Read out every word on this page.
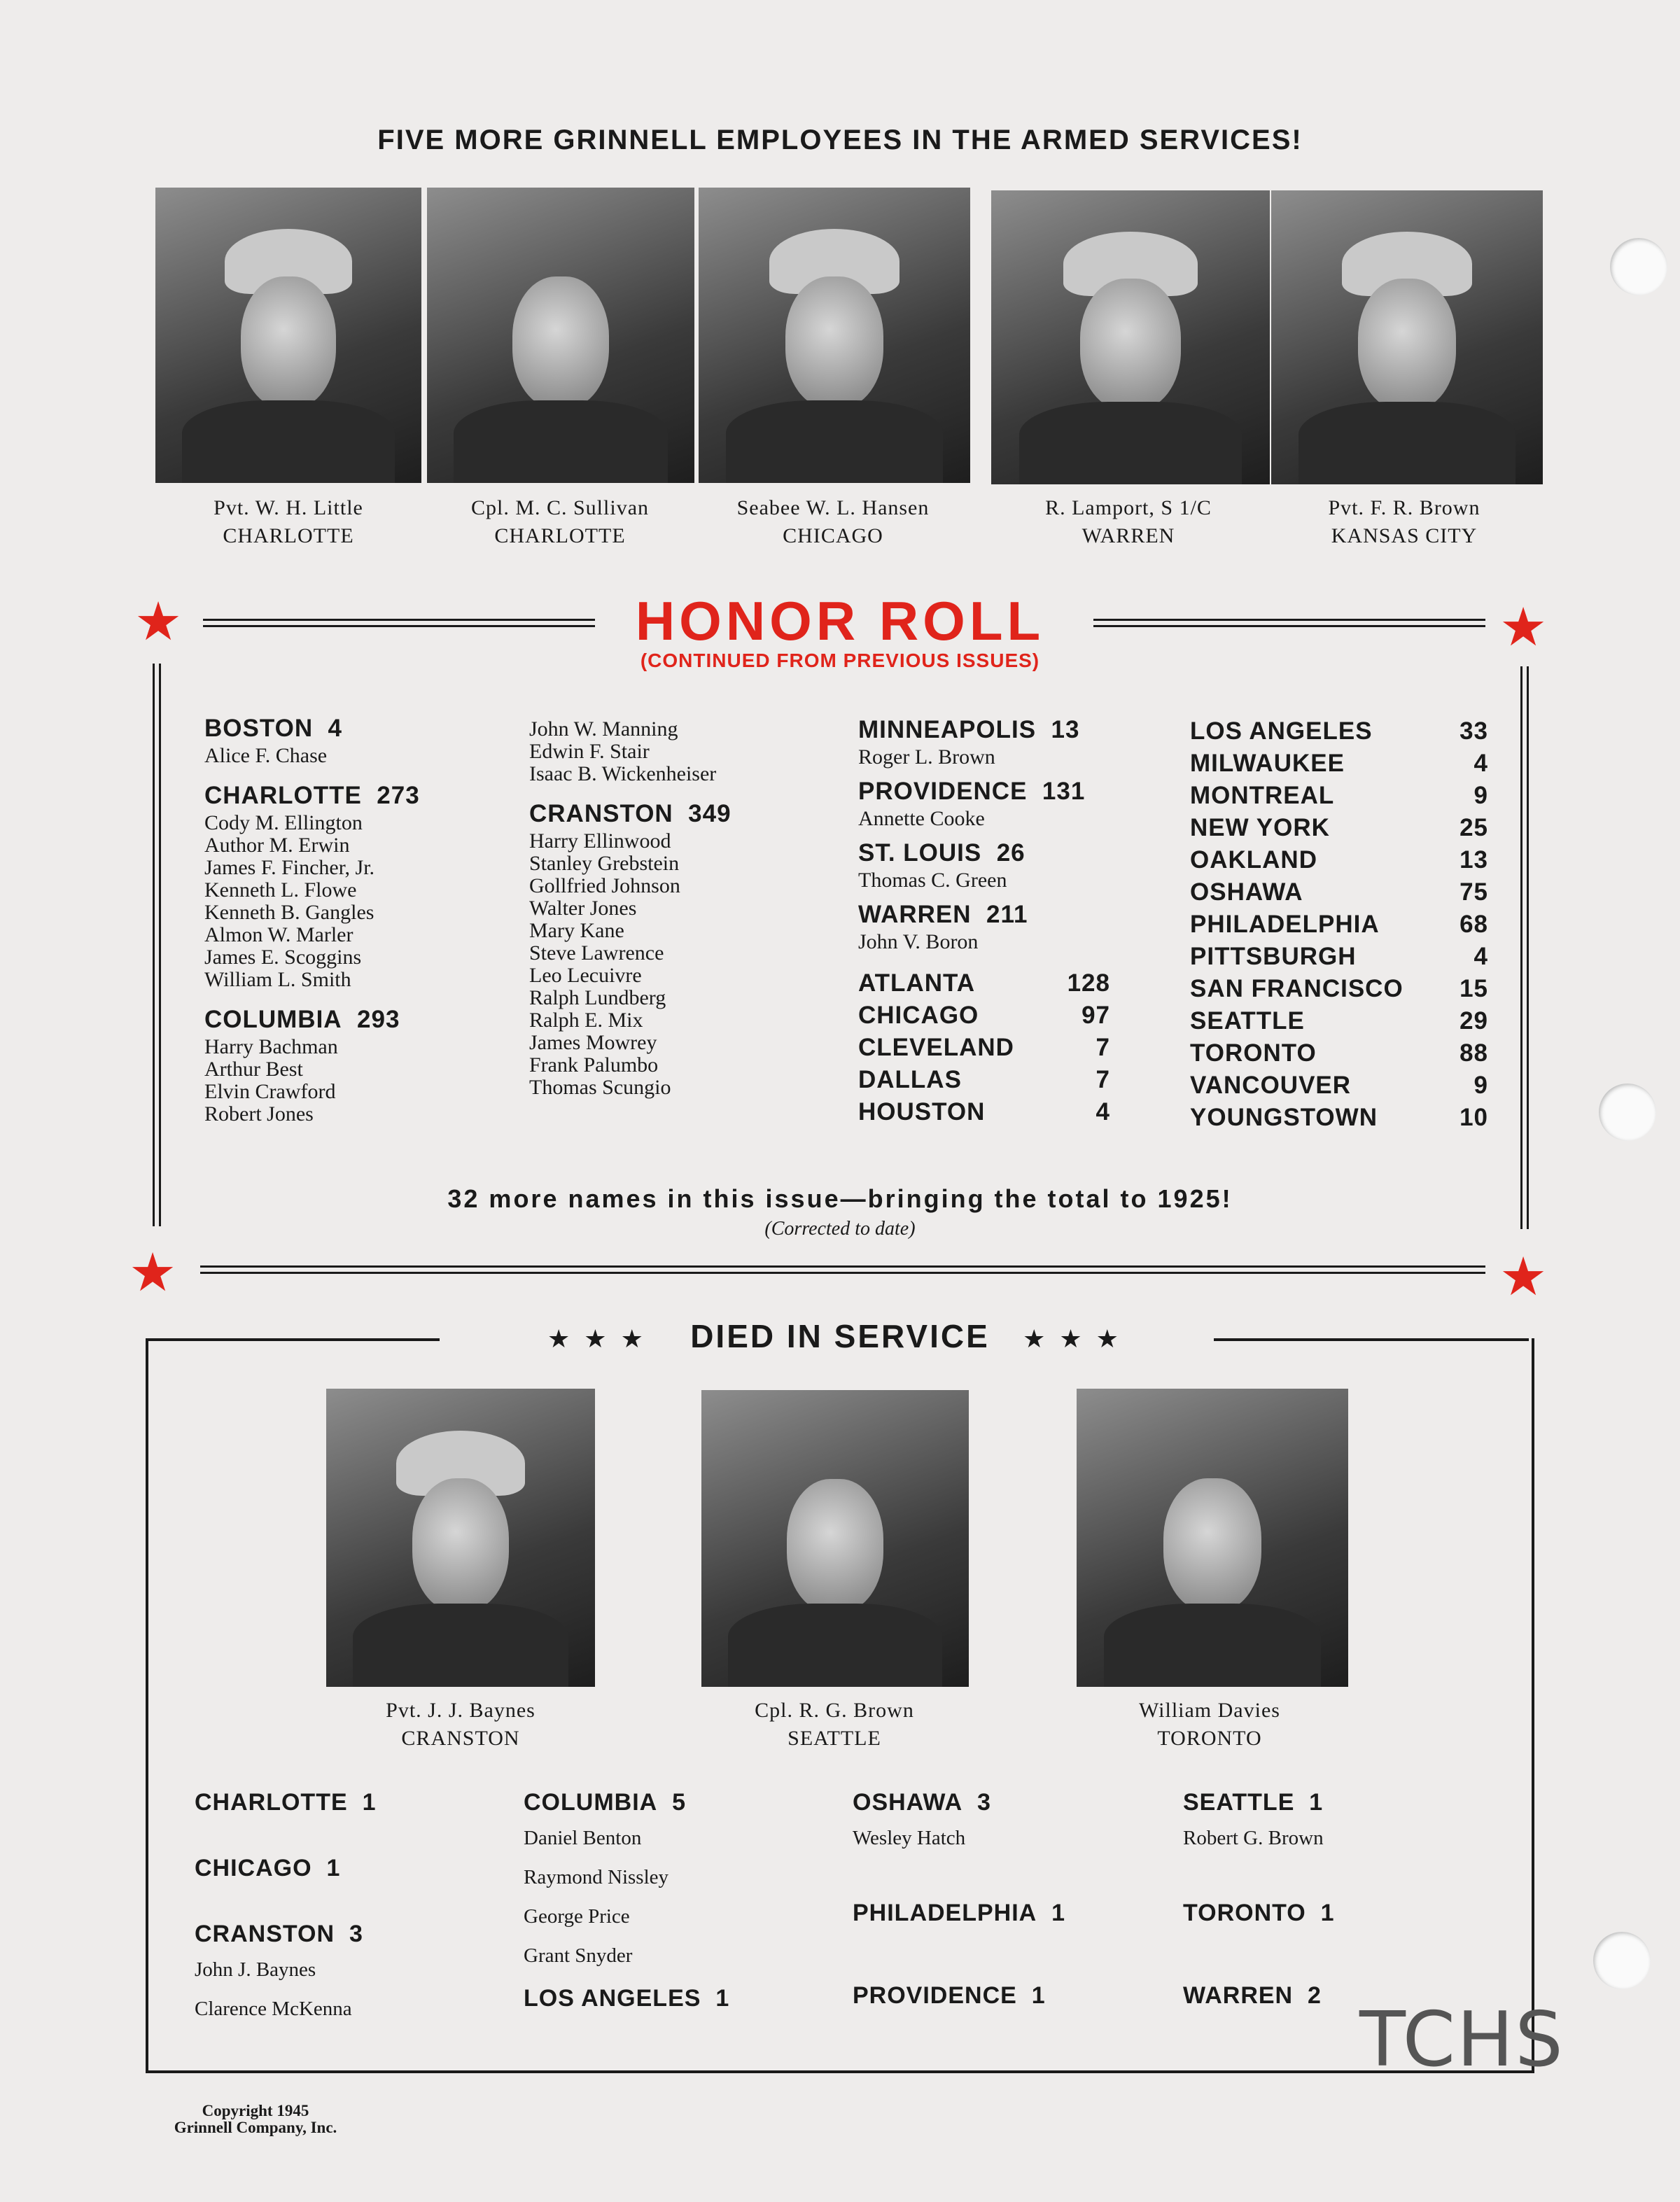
FIVE MORE GRINNELL EMPLOYEES IN THE ARMED SERVICES!
Pvt. W. H. Little
CHARLOTTE
Cpl. M. C. Sullivan
CHARLOTTE
Seabee W. L. Hansen
CHICAGO
R. Lamport, S 1/C
WARREN
Pvt. F. R. Brown
KANSAS CITY
★	★
HONOR ROLL
(CONTINUED FROM PREVIOUS ISSUES)
★	★
BOSTON 4
Alice F. Chase
CHARLOTTE 273
Cody M. Ellington
Author M. Erwin
James F. Fincher, Jr.
Kenneth L. Flowe
Kenneth B. Gangles
Almon W. Marler
James E. Scoggins
William L. Smith
COLUMBIA 293
Harry Bachman
Arthur Best
Elvin Crawford
Robert Jones
John W. Manning
Edwin F. Stair
Isaac B. Wickenheiser
CRANSTON 349
Harry Ellinwood
Stanley Grebstein
Gollfried Johnson
Walter Jones
Mary Kane
Steve Lawrence
Leo Lecuivre
Ralph Lundberg
Ralph E. Mix
James Mowrey
Frank Palumbo
Thomas Scungio
MINNEAPOLIS 13
Roger L. Brown
PROVIDENCE 131
Annette Cooke
ST. LOUIS 26
Thomas C. Green
WARREN 211
John V. Boron
ATLANTA	128
CHICAGO	97
CLEVELAND	7
DALLAS	7
HOUSTON	4
LOS ANGELES	33
MILWAUKEE	4
MONTREAL	9
NEW YORK	25
OAKLAND	13
OSHAWA	75
PHILADELPHIA	68
PITTSBURGH	4
SAN FRANCISCO 15
SEATTLE	29
TORONTO	88
VANCOUVER	9
YOUNGSTOWN	10
32 more names in this issue—bringing the total to 1925!
(Corrected to date)
★★★ DIED IN SERVICE ★★★
Pvt. J. J. Baynes
CRANSTON
Cpl. R. G. Brown
SEATTLE
William Davies
TORONTO
CHARLOTTE 1
CHICAGO 1
CRANSTON 3
John J. Baynes
Clarence McKenna
COLUMBIA 5
Daniel Benton
Raymond Nissley
George Price
Grant Snyder
LOS ANGELES 1
OSHAWA 3
Wesley Hatch
PHILADELPHIA 1
PROVIDENCE 1
SEATTLE 1
Robert G. Brown
TORONTO 1
WARREN 2
TCHS
Copyright 1945
Grinnell Company, Inc.
